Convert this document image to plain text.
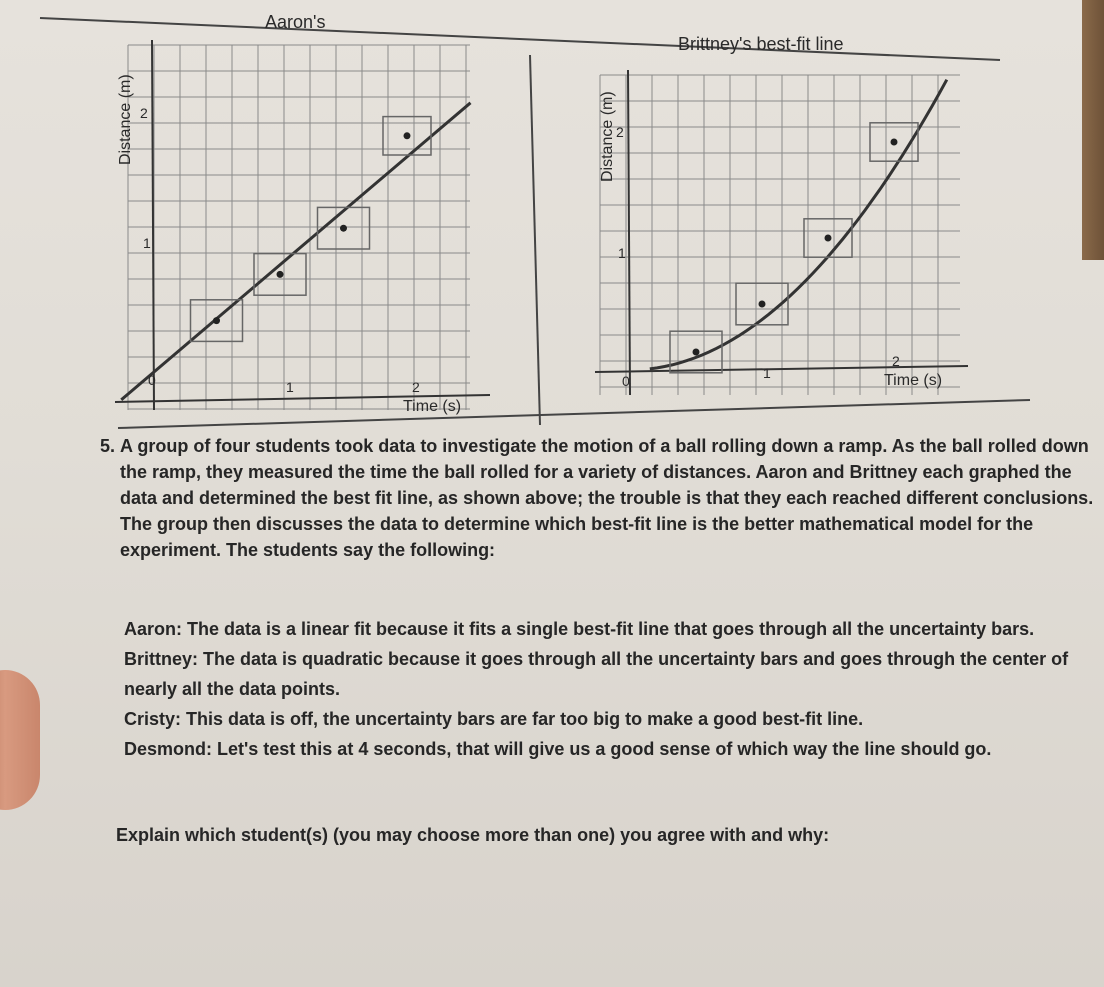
Aaron's
Distance (m) 2
1
0	1	2
Time (s)
Brittney's best-fit line
Distance (m) 2
1
0	1
2
Time (s)
5. A group of four students took data to investigate the motion of a ball rolling down a ramp. As the ball rolled down
the ramp, they measured the time the ball rolled for a variety of distances. Aaron and Brittney each graphed the
data and determined the best fit line, as shown above; the trouble is that they each reached different conclusions.
The group then discusses the data to determine which best-fit line is the better mathematical model for the
experiment. The students say the following:
Aaron: The data is a linear fit because it fits a single best-fit line that goes through all the uncertainty bars.
Brittney: The data is quadratic because it goes through all the uncertainty bars and goes through the center of
nearly all the data points.
Cristy: This data is off, the uncertainty bars are far too big to make a good best-fit line.
Desmond: Let's test this at 4 seconds, that will give us a good sense of which way the line should go.
Explain which student(s) (you may choose more than one) you agree with and why:
